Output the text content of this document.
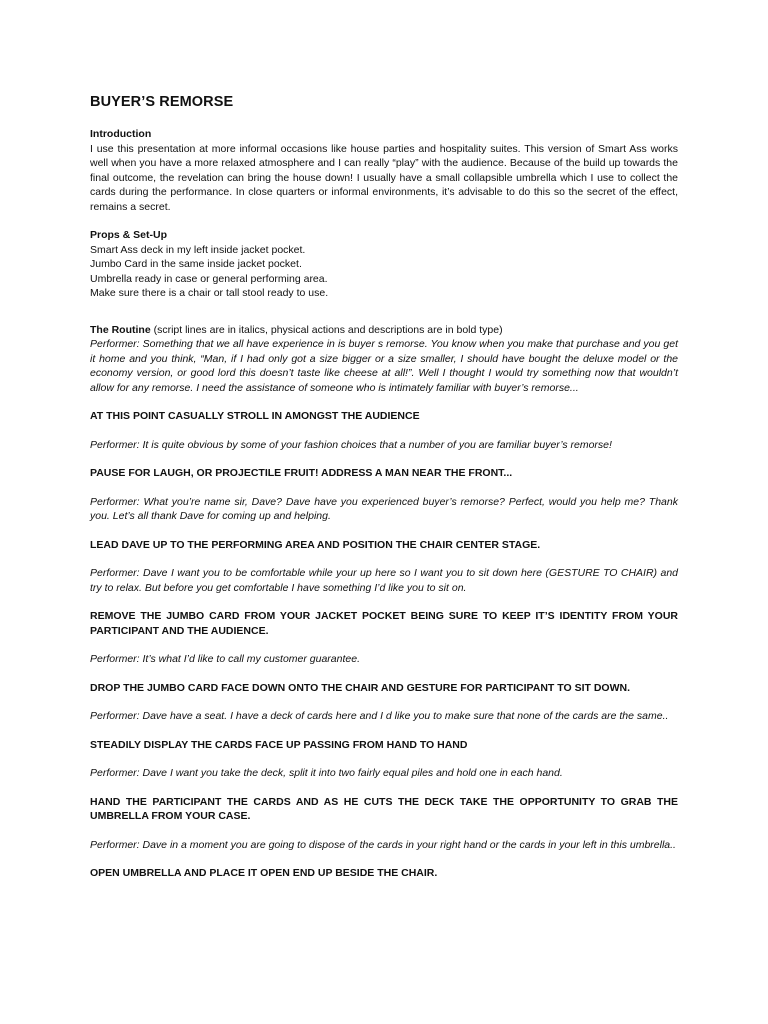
BUYER’S REMORSE

Introduction

I use this presentation at more informal occasions like house parties and hospitality suites. This version of Smart Ass works well when you have a more relaxed atmosphere and I can really “play” with the audience. Because of the build up towards the final outcome, the revelation can bring the house down! I usually have a small collapsible umbrella which I use to collect the cards during the performance. In close quarters or informal environments, it’s advisable to do this so the secret of the effect, remains a secret.

Props & Set-Up

Smart Ass deck in my left inside jacket pocket.

Jumbo Card in the same inside jacket pocket.

Umbrella ready in case or general performing area.

Make sure there is a chair or tall stool ready to use.

The Routine (script lines are in italics, physical actions and descriptions are in bold type)

Performer: Something that we all have experience in is buyer s remorse. You know when you make that purchase and you get it home and you think, “Man, if I had only got a size bigger or a size smaller, I should have bought the deluxe model or the economy version, or good lord this doesn’t taste like cheese at all!”. Well I thought I would try something now that wouldn’t allow for any remorse. I need the assistance of someone who is intimately familiar with buyer’s remorse...

AT THIS POINT CASUALLY STROLL IN AMONGST THE AUDIENCE

Performer: It is quite obvious by some of your fashion choices that a number of you are familiar buyer’s remorse!

PAUSE FOR LAUGH, OR PROJECTILE FRUIT! ADDRESS A MAN NEAR THE FRONT...

Performer: What you’re name sir, Dave? Dave have you experienced buyer’s remorse? Perfect, would you help me? Thank you. Let’s all thank Dave for coming up and helping.

LEAD DAVE UP TO THE PERFORMING AREA AND POSITION THE CHAIR CENTER STAGE.

Performer: Dave I want you to be comfortable while your up here so I want you to sit down here (GESTURE TO CHAIR) and try to relax. But before you get comfortable I have something I’d like you to sit on.

REMOVE THE JUMBO CARD FROM YOUR JACKET POCKET BEING SURE TO KEEP IT’S IDENTITY FROM YOUR PARTICIPANT AND THE AUDIENCE.

Performer: It’s what I’d like to call my customer guarantee.

DROP THE JUMBO CARD FACE DOWN ONTO THE CHAIR AND GESTURE FOR PARTICIPANT TO SIT DOWN.

Performer: Dave have a seat. I have a deck of cards here and I d like you to make sure that none of the cards are the same..

STEADILY DISPLAY THE CARDS FACE UP PASSING FROM HAND TO HAND

Performer: Dave I want you take the deck, split it into two fairly equal piles and hold one in each hand.

HAND THE PARTICIPANT THE CARDS AND AS HE CUTS THE DECK TAKE THE OPPORTUNITY TO GRAB THE UMBRELLA FROM YOUR CASE.

Performer: Dave in a moment you are going to dispose of the cards in your right hand or the cards in your left in this umbrella..

OPEN UMBRELLA AND PLACE IT OPEN END UP BESIDE THE CHAIR.
